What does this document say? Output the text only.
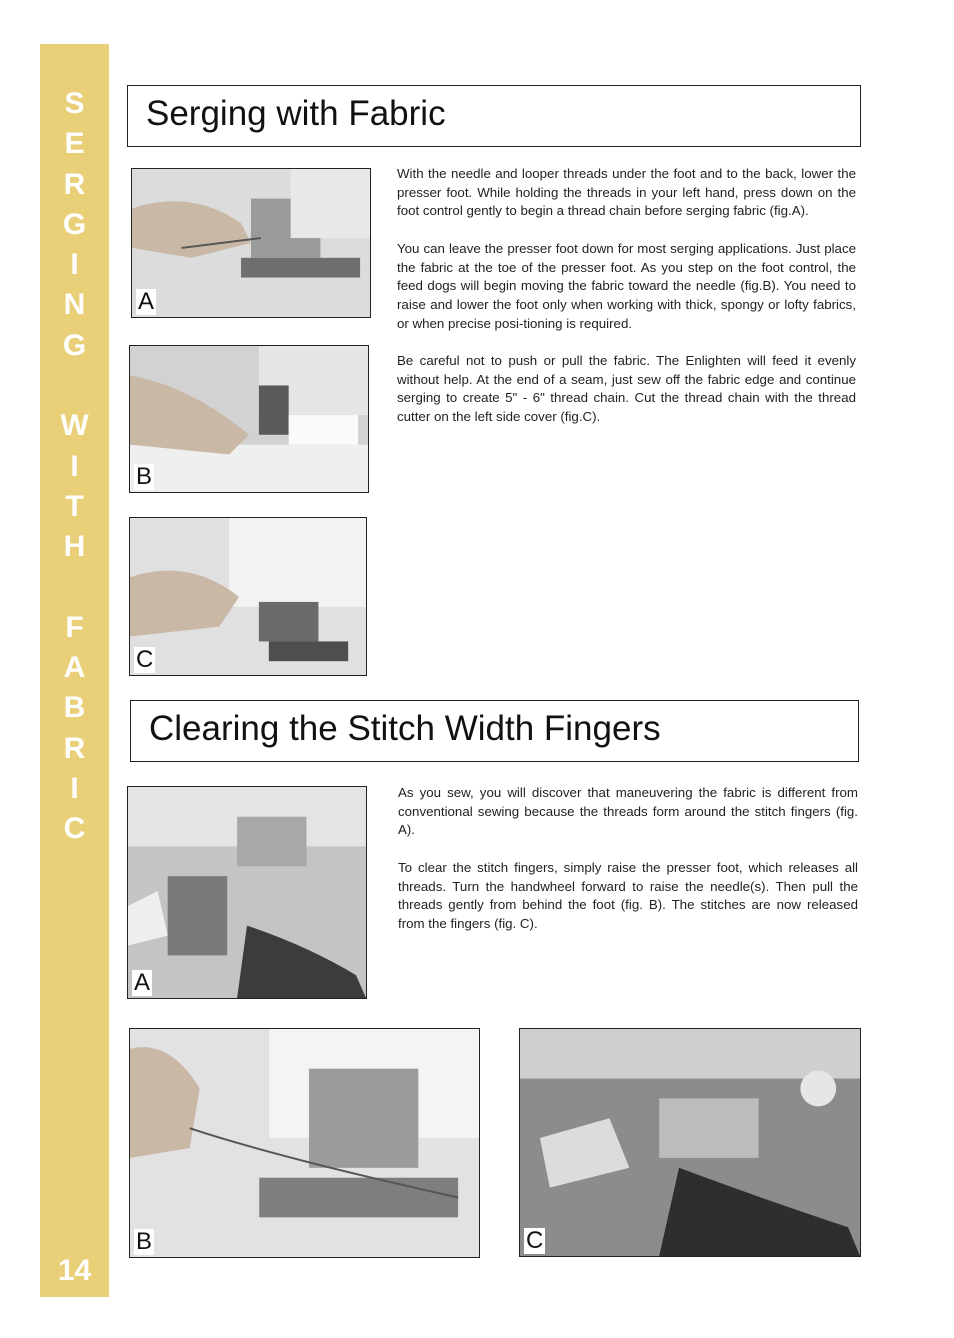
S
E
R
G
I
N
G
W
I
T
H
F
A
B
R
I
C
14
Serging with Fabric
A
B
C

With the needle and looper threads under the foot and to the back, lower the presser foot. While holding the threads in your left hand, press down on the foot control gently to begin a thread chain before serging fabric (fig.A).

You can leave the presser foot down for most serging applications. Just place the fabric at the toe of the presser foot. As you step on the foot control, the feed dogs will begin moving the fabric toward the needle (fig.B). You need to raise and lower the foot only when working with thick, spongy or lofty fabrics, or when precise posi-tioning is required.

Be careful not to push or pull the fabric. The Enlighten will feed it evenly without help. At the end of a seam, just sew off the fabric edge and continue serging to create 5" - 6" thread chain. Cut the thread chain with the thread cutter on the left side cover (fig.C).

Clearing the Stitch Width Fingers
A

As you sew, you will discover that maneuvering the fabric is different from conventional sewing because the threads form around the stitch fingers (fig. A).

To clear the stitch fingers, simply raise the presser foot, which releases all threads. Turn the handwheel forward to raise the needle(s). Then pull the threads gently from behind the foot (fig. B). The stitches are now released from the fingers (fig. C).

B	C
